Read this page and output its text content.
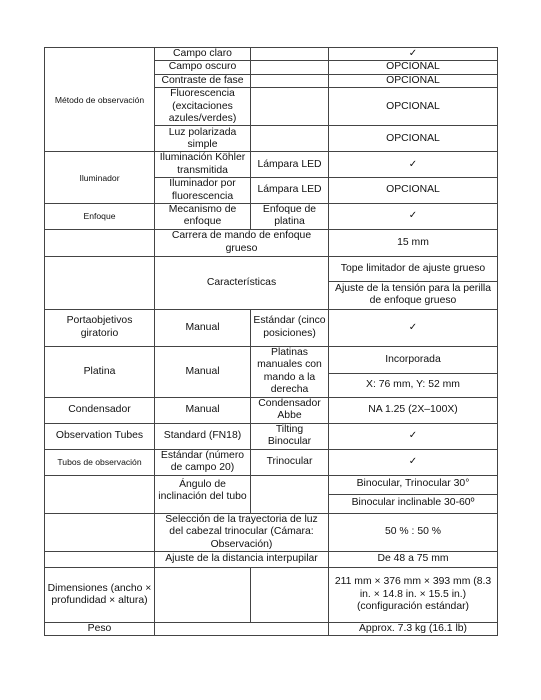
Método de observación	Campo claro		✓
	Campo oscuro		OPCIONAL
	Contraste de fase		OPCIONAL
	Fluorescencia (excitaciones azules/verdes)		OPCIONAL
	Luz polarizada simple		OPCIONAL
Iluminador	Iluminación Köhler transmitida	Lámpara LED	✓
	Iluminador por fluorescencia	Lámpara LED	OPCIONAL
Enfoque	Mecanismo de enfoque	Enfoque de platina	✓
	Carrera de mando de enfoque grueso		15 mm
	Características		Tope limitador de ajuste grueso
			Ajuste de la tensión para la perilla de enfoque grueso
Portaobjetivos giratorio	Manual	Estándar (cinco posiciones)	✓
Platina	Manual	Platinas manuales con mando a la derecha	Incorporada
			X: 76 mm, Y: 52 mm
Condensador	Manual	Condensador Abbe	NA 1.25 (2X–100X)
Observation Tubes	Standard (FN18)	Tilting Binocular	✓
Tubos de observación	Estándar (número de campo 20)	Trinocular	✓
	Ángulo de inclinación del tubo		Binocular, Trinocular 30°
			Binocular inclinable 30-60º
	Selección de la trayectoria de luz del cabezal trinocular (Cámara: Observación)		50 % : 50 %
	Ajuste de la distancia interpupilar		De 48 a 75 mm
Dimensiones (ancho × profundidad × altura)			211 mm × 376 mm × 393 mm (8.3 in. × 14.8 in. × 15.5 in.) (configuración estándar)
Peso			Approx. 7.3 kg (16.1 lb)
